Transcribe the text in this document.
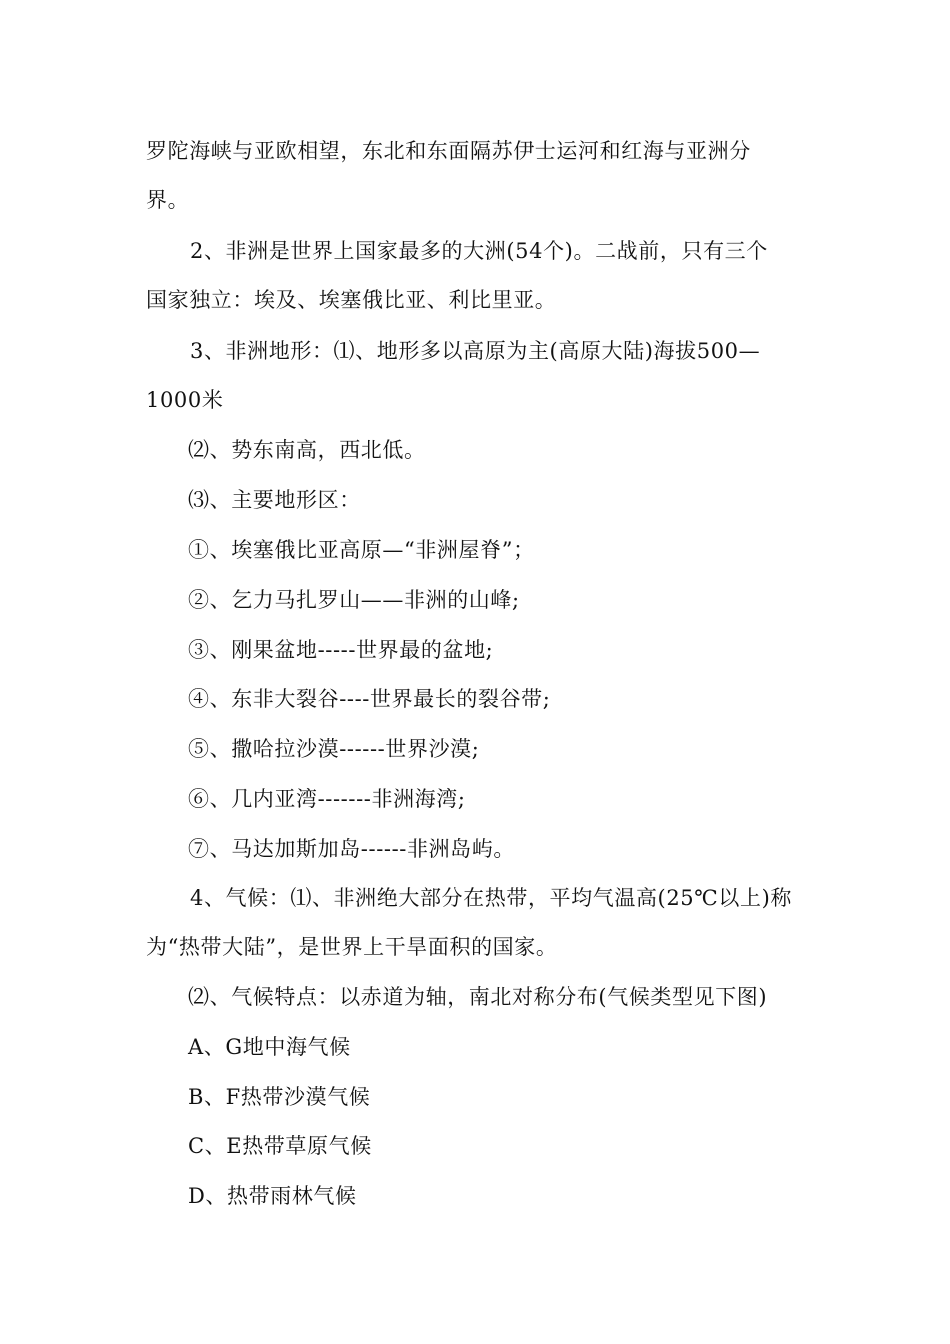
罗陀海峡与亚欧相望，东北和东面隔苏伊士运河和红海与亚洲分
界。
2、非洲是世界上国家最多的大洲(54个)。二战前，只有三个
国家独立：埃及、埃塞俄比亚、利比里亚。
3、非洲地形：⑴、地形多以高原为主(高原大陆)海拔500—
1000米
⑵、势东南高，西北低。
⑶、主要地形区：
①、埃塞俄比亚高原—“非洲屋脊”；
②、乞力马扎罗山——非洲的山峰;
③、刚果盆地-----世界最的盆地;
④、东非大裂谷----世界最长的裂谷带;
⑤、撒哈拉沙漠------世界沙漠;
⑥、几内亚湾-------非洲海湾;
⑦、马达加斯加岛------非洲岛屿。
4、气候：⑴、非洲绝大部分在热带，平均气温高(25℃以上)称
为“热带大陆”，是世界上干旱面积的国家。
⑵、气候特点：以赤道为轴，南北对称分布(气候类型见下图)
A、G地中海气候
B、F热带沙漠气候
C、E热带草原气候
D、热带雨林气候
